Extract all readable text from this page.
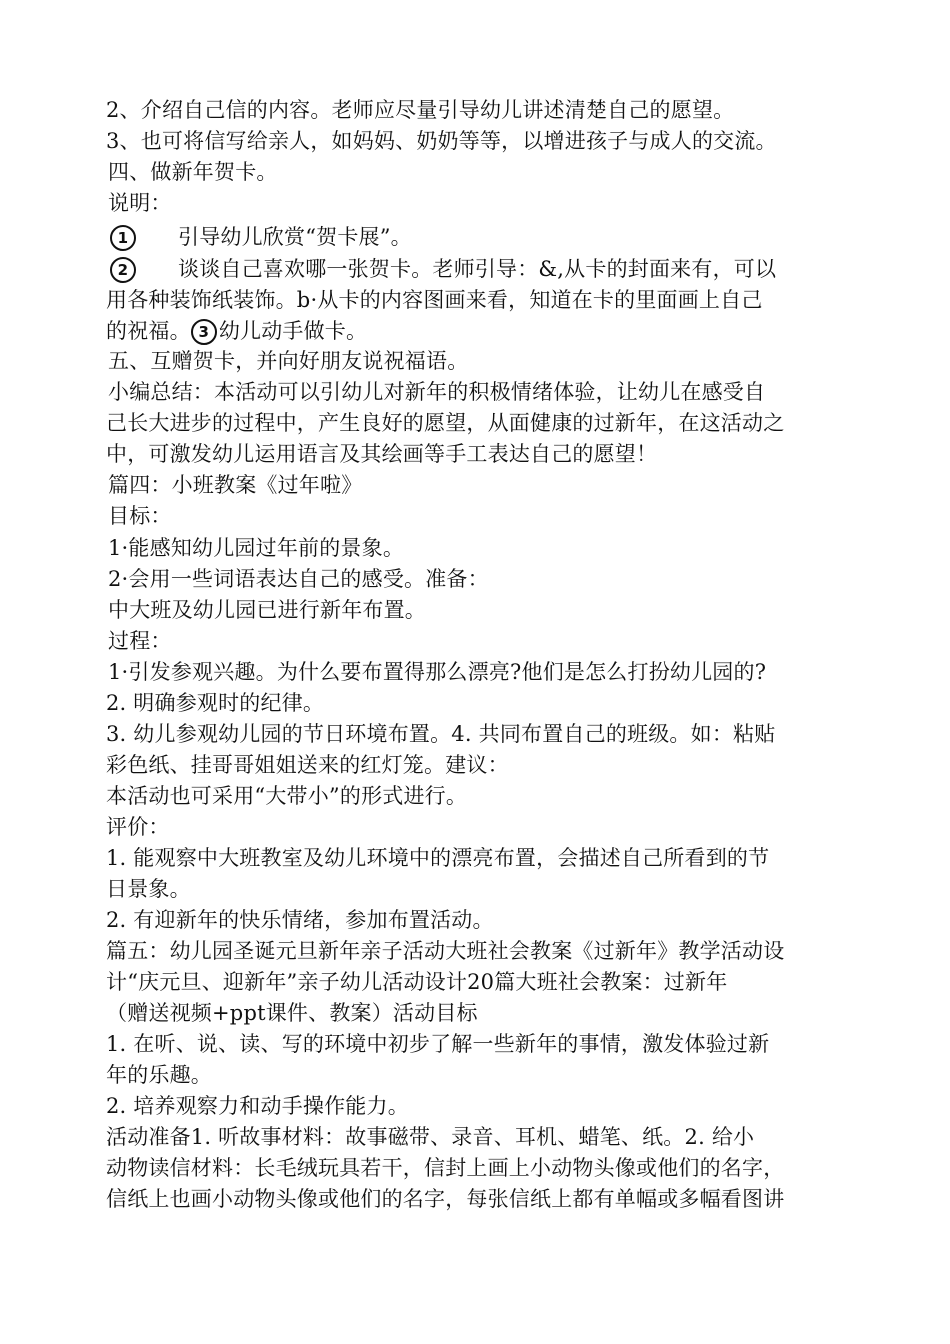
2、介绍自己信的内容。老师应尽量引导幼儿讲述清楚自己的愿望。
3、也可将信写给亲人，如妈妈、奶奶等等，以增进孩子与成人的交流。
四、做新年贺卡。
说明：
1 引导幼儿欣赏“贺卡展”。
2 谈谈自己喜欢哪一张贺卡。老师引导：&,从卡的封面来有，可以
用各种装饰纸装饰。b·从卡的内容图画来看，知道在卡的里面画上自己
的祝福。 3 幼儿动手做卡。
五、互赠贺卡，并向好朋友说祝福语。
小编总结：本活动可以引幼儿对新年的积极情绪体验，让幼儿在感受自
己长大进步的过程中，产生良好的愿望，从面健康的过新年，在这活动之
中，可激发幼儿运用语言及其绘画等手工表达自己的愿望！
篇四：小班教案《过年啦》
目标：
1·能感知幼儿园过年前的景象。
2·会用一些词语表达自己的感受。准备：
中大班及幼儿园已进行新年布置。
过程：
1·引发参观兴趣。为什么要布置得那么漂亮?他们是怎么打扮幼儿园的?
2. 明确参观时的纪律。
3. 幼儿参观幼儿园的节日环境布置。4. 共同布置自己的班级。如：粘贴
彩色纸、挂哥哥姐姐送来的红灯笼。建议：
本活动也可采用“大带小”的形式进行。
评价：
1. 能观察中大班教室及幼儿环境中的漂亮布置，会描述自己所看到的节
日景象。
2. 有迎新年的快乐情绪，参加布置活动。
篇五：幼儿园圣诞元旦新年亲子活动大班社会教案《过新年》教学活动设
计“庆元旦、迎新年”亲子幼儿活动设计20篇大班社会教案：过新年
（赠送视频+ppt课件、教案）活动目标
1. 在听、说、读、写的环境中初步了解一些新年的事情，激发体验过新
年的乐趣。
2. 培养观察力和动手操作能力。
活动准备1. 听故事材料：故事磁带、录音、耳机、蜡笔、纸。2. 给小
动物读信材料：长毛绒玩具若干，信封上画上小动物头像或他们的名字，
信纸上也画小动物头像或他们的名字，每张信纸上都有单幅或多幅看图讲
